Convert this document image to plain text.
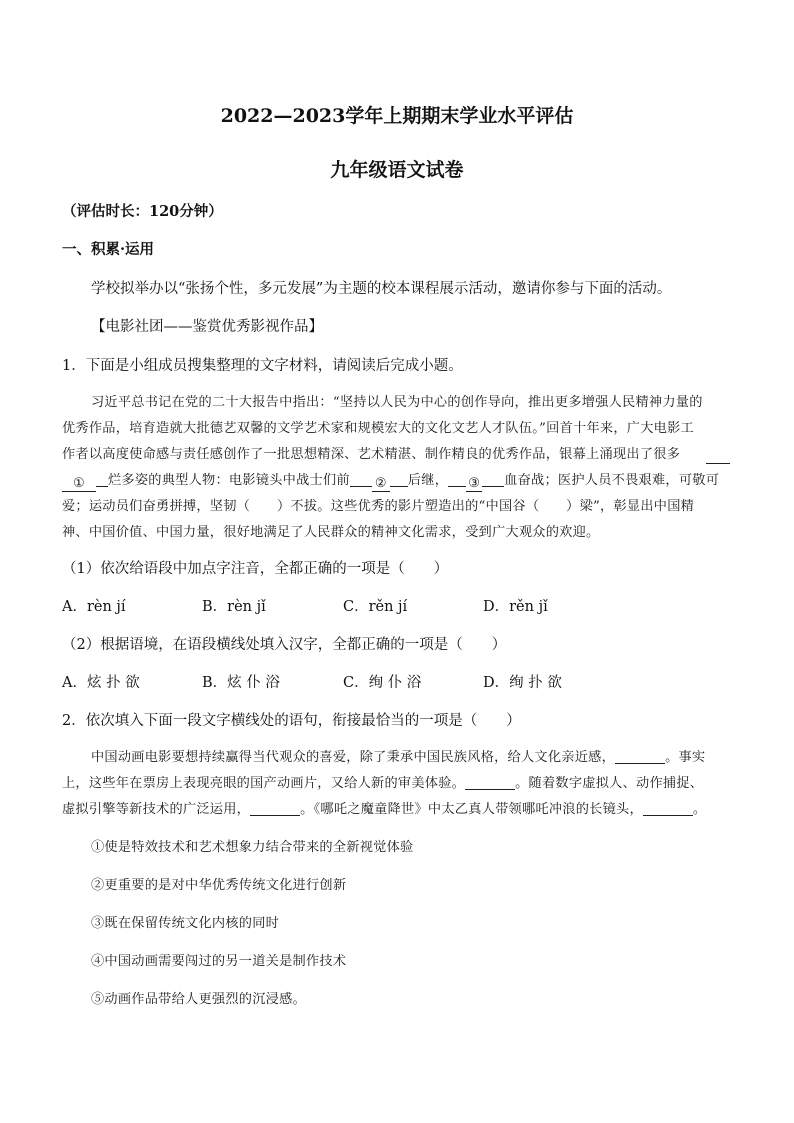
2022—2023学年上期期末学业水平评估
九年级语文试卷
（评估时长：120分钟）
一、积累·运用
学校拟举办以“张扬个性，多元发展”为主题的校本课程展示活动，邀请你参与下面的活动。
【电影社团——鉴赏优秀影视作品】
1．下面是小组成员搜集整理的文字材料，请阅读后完成小题。
习近平总书记在党的二十大报告中指出：“坚持以人民为中心的创作导向，推出更多增强人民精神力量的
优秀作品，培育造就大批德艺双馨的文学艺术家和规模宏大的文化文艺人才队伍。”回首十年来，广大电影工
作者以高度使命感与责任感创作了一批思想精深、艺术精湛、制作精良的优秀作品，银幕上涌现出了很多
① 烂多姿的典型人物：电影镜头中战士们前 ② 后继， ③ 血奋战；医护人员不畏艰难，可敬可
爱；运动员们奋勇拼搏，坚韧（　　）不拔。这些优秀的影片塑造出的“中国谷（　　）梁”，彰显出中国精
神、中国价值、中国力量，很好地满足了人民群众的精神文化需求，受到广大观众的欢迎。
（1）依次给语段中加点字注音，全都正确的一项是（　　）
A．rèn jí	B．rèn jǐ	C．rěn jí	D．rěn jǐ
（2）根据语境，在语段横线处填入汉字，全都正确的一项是（　　）
A．炫 扑 欲	B．炫 仆 浴	C．绚 仆 浴	D．绚 扑 欲
2．依次填入下面一段文字横线处的语句，衔接最恰当的一项是（　　）
中国动画电影要想持续赢得当代观众的喜爱，除了秉承中国民族风格，给人文化亲近感，	。事实
上，这些年在票房上表现亮眼的国产动画片，又给人新的审美体验。	。随着数字虚拟人、动作捕捉、
虚拟引擎等新技术的广泛运用，	。《哪吒之魔童降世》中太乙真人带领哪吒冲浪的长镜头，	。
①使是特效技术和艺术想象力结合带来的全新视觉体验
②更重要的是对中华优秀传统文化进行创新
③既在保留传统文化内核的同时
④中国动画需要闯过的另一道关是制作技术
⑤动画作品带给人更强烈的沉浸感。
